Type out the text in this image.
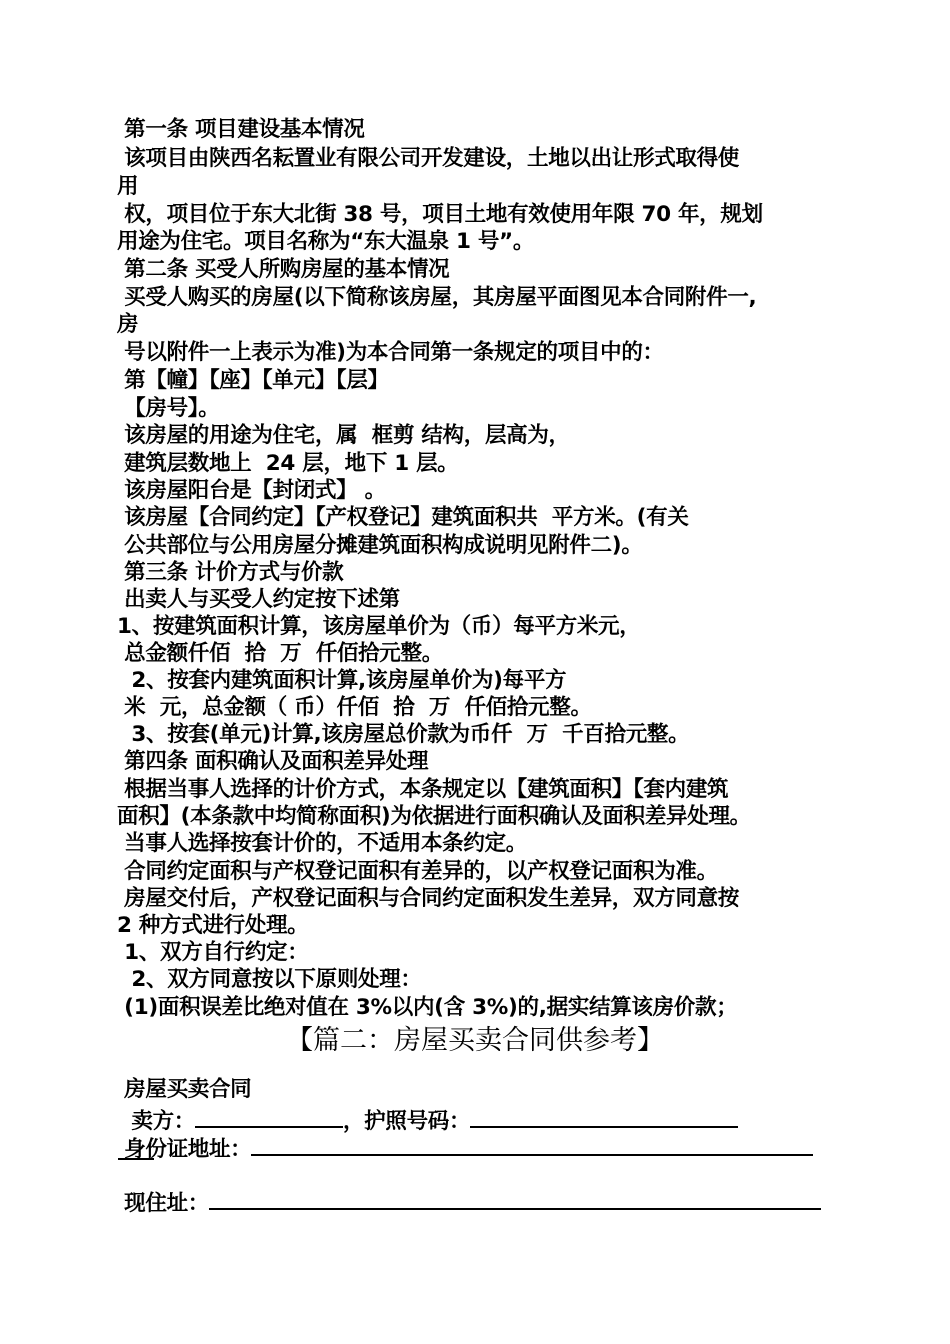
第一条 项目建设基本情况
该项目由陕西名耘置业有限公司开发建设，土地以出让形式取得使
用
权，项目位于东大北街 38 号，项目土地有效使用年限 70 年，规划
用途为住宅。项目名称为“东大温泉 1 号”。
第二条 买受人所购房屋的基本情况
买受人购买的房屋(以下简称该房屋，其房屋平面图见本合同附件一,
房
号以附件一上表示为准)为本合同第一条规定的项目中的：
第【幢】【座】【单元】【层】
【房号】。
该房屋的用途为住宅，属  框剪 结构，层高为，
建筑层数地上  24 层，地下 1 层。
该房屋阳台是【封闭式】 。
该房屋【合同约定】【产权登记】建筑面积共  平方米。(有关
公共部位与公用房屋分摊建筑面积构成说明见附件二)。
第三条 计价方式与价款
出卖人与买受人约定按下述第
1、按建筑面积计算，该房屋单价为（币）每平方米元，
总金额仟佰  拾  万  仟佰拾元整。
2、按套内建筑面积计算,该房屋单价为)每平方
米  元，总金额（ 币）仟佰  拾  万  仟佰拾元整。
3、按套(单元)计算,该房屋总价款为币仟  万  千百拾元整。
第四条 面积确认及面积差异处理
根据当事人选择的计价方式，本条规定以【建筑面积】【套内建筑
面积】(本条款中均简称面积)为依据进行面积确认及面积差异处理。
当事人选择按套计价的，不适用本条约定。
合同约定面积与产权登记面积有差异的，以产权登记面积为准。
房屋交付后，产权登记面积与合同约定面积发生差异，双方同意按
2 种方式进行处理。
1、双方自行约定：
2、双方同意按以下原则处理：
(1)面积误差比绝对值在 3%以内(含 3%)的,据实结算该房价款；
【篇二：房屋买卖合同供参考】
房屋买卖合同
卖方：	，护照号码：
身份证地址：
现住址：
